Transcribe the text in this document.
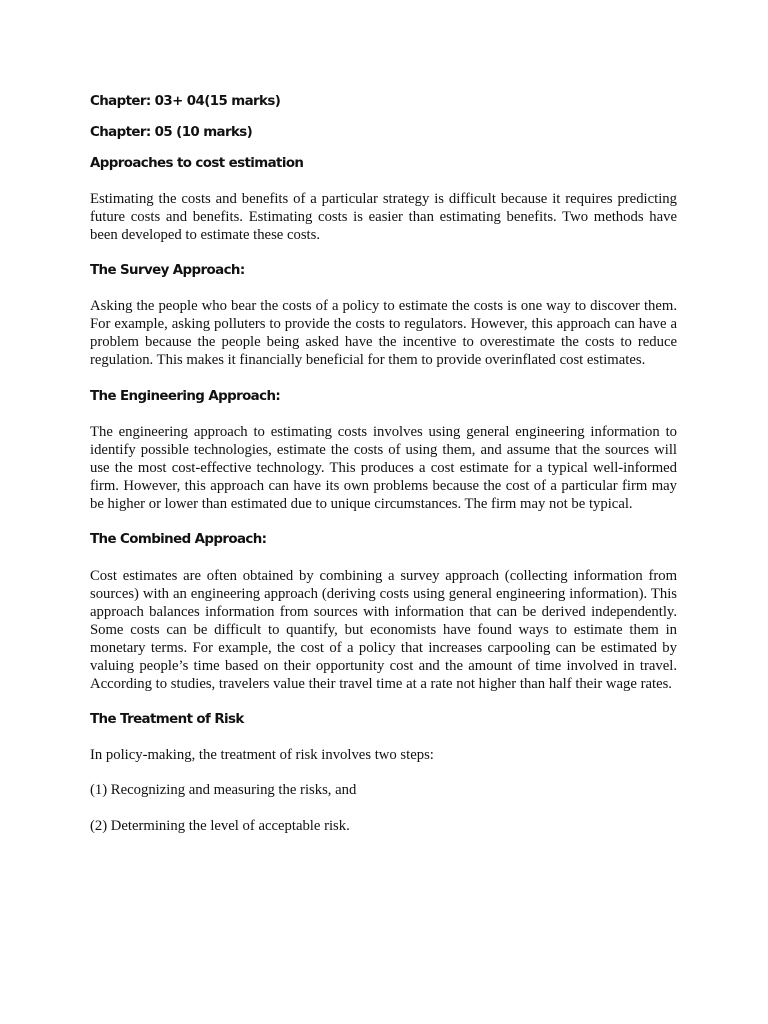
Chapter: 03+ 04(15 marks)

Chapter: 05 (10 marks)

Approaches to cost estimation

Estimating the costs and benefits of a particular strategy is difficult because it requires predicting future costs and benefits. Estimating costs is easier than estimating benefits. Two methods have been developed to estimate these costs.

The Survey Approach:

Asking the people who bear the costs of a policy to estimate the costs is one way to discover them. For example, asking polluters to provide the costs to regulators. However, this approach can have a problem because the people being asked have the incentive to overestimate the costs to reduce regulation. This makes it financially beneficial for them to provide overinflated cost estimates.

The Engineering Approach:

The engineering approach to estimating costs involves using general engineering information to identify possible technologies, estimate the costs of using them, and assume that the sources will use the most cost-effective technology. This produces a cost estimate for a typical well-informed firm. However, this approach can have its own problems because the cost of a particular firm may be higher or lower than estimated due to unique circumstances. The firm may not be typical.

The Combined Approach:

Cost estimates are often obtained by combining a survey approach (collecting information from sources) with an engineering approach (deriving costs using general engineering information). This approach balances information from sources with information that can be derived independently. Some costs can be difficult to quantify, but economists have found ways to estimate them in monetary terms. For example, the cost of a policy that increases carpooling can be estimated by valuing people’s time based on their opportunity cost and the amount of time involved in travel. According to studies, travelers value their travel time at a rate not higher than half their wage rates.

The Treatment of Risk

In policy-making, the treatment of risk involves two steps:

(1) Recognizing and measuring the risks, and

(2) Determining the level of acceptable risk.
